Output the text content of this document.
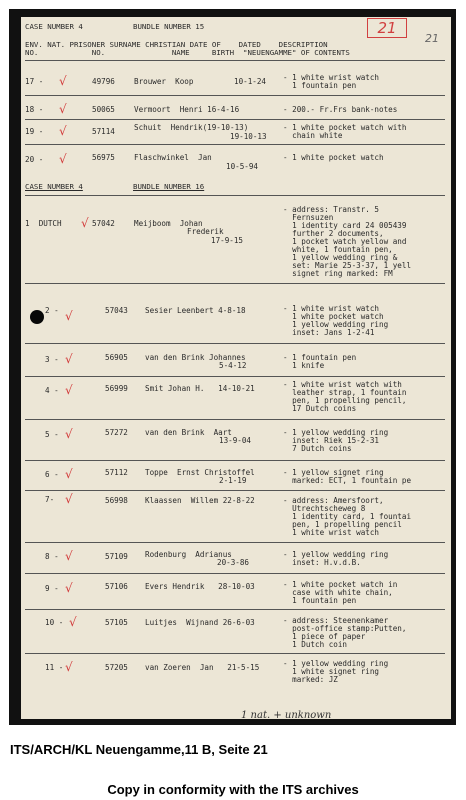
21
21
CASE NUMBER 4	BUNDLE NUMBER 15
ENV. NAT. PRISONER SURNAME CHRISTIAN DATE OF    DATED    DESCRIPTION
NO.            NO.               NAME     BIRTH  "NEUENGAMME" OF CONTENTS
17 - √	49796	Brouwer  Koop	10-1-24 - 1 white wrist watch
1 fountain pen
18 - √	50065	Vermoort  Henri 16-4-16	- 200.- Fr.Frs bank-notes
19 - √	57114	Schuit  Hendrik(19-10-13)
19-10-13
- 1 white pocket watch with
chain white
20 - √	56975	Flaschwinkel  Jan
10-5-94
- 1 white pocket watch
CASE NUMBER 4	BUNDLE NUMBER 16
1  DUTCH √ 57042	Meijboom  Johan
Frederik
17-9-15
- address: Transtr. 5
Fernsuzen
1 identity card 24 005439
further 2 documents,
1 pocket watch yellow and
white, 1 fountain pen,
1 yellow wedding ring &
set: Marie 25-3-37, 1 yell
signet ring marked: FM
2 - √	57043 Sesier Leenbert 4-8-18	- 1 white wrist watch
1 white pocket watch
1 yellow wedding ring
inset: Jans 1-2-41
3 - √	56905 van den Brink Johannes
5-4-12
- 1 fountain pen
1 knife
4 - √	56999 Smit Johan H.   14-10-21	- 1 white wrist watch with
leather strap, 1 fountain
pen, 1 propelling pencil,
17 Dutch coins
5 - √	57272 van den Brink  Aart
13-9-04
- 1 yellow wedding ring
inset: Riek 15-2-31
7 Dutch coins
6 - √	57112 Toppe  Ernst Christoffel
2-1-19
- 1 yellow signet ring
marked: ECT, 1 fountain pe
7- √	56998 Klaassen  Willem 22-8-22	- address: Amersfoort,
Utrechtscheweg 8
1 identity card, 1 fountai
pen, 1 propelling pencil
1 white wrist watch
8 - √	57109 Rodenburg  Adrianus
20-3-86
- 1 yellow wedding ring
inset: H.v.d.B.
9 - √	57106 Evers Hendrik   28-10-03	- 1 white pocket watch in
case with white chain,
1 fountain pen
10 - √	57105 Luitjes  Wijnand 26-6-03	- address: Steenenkamer
post-office stamp:Putten,
1 piece of paper
1 Dutch coin
11 - √	57205 van Zoeren  Jan   21-5-15	- 1 yellow wedding ring
1 white signet ring
marked: JZ
1 nat. + unknown
ITS/ARCH/KL Neuengamme,11 B, Seite 21
Copy in conformity with the ITS archives
